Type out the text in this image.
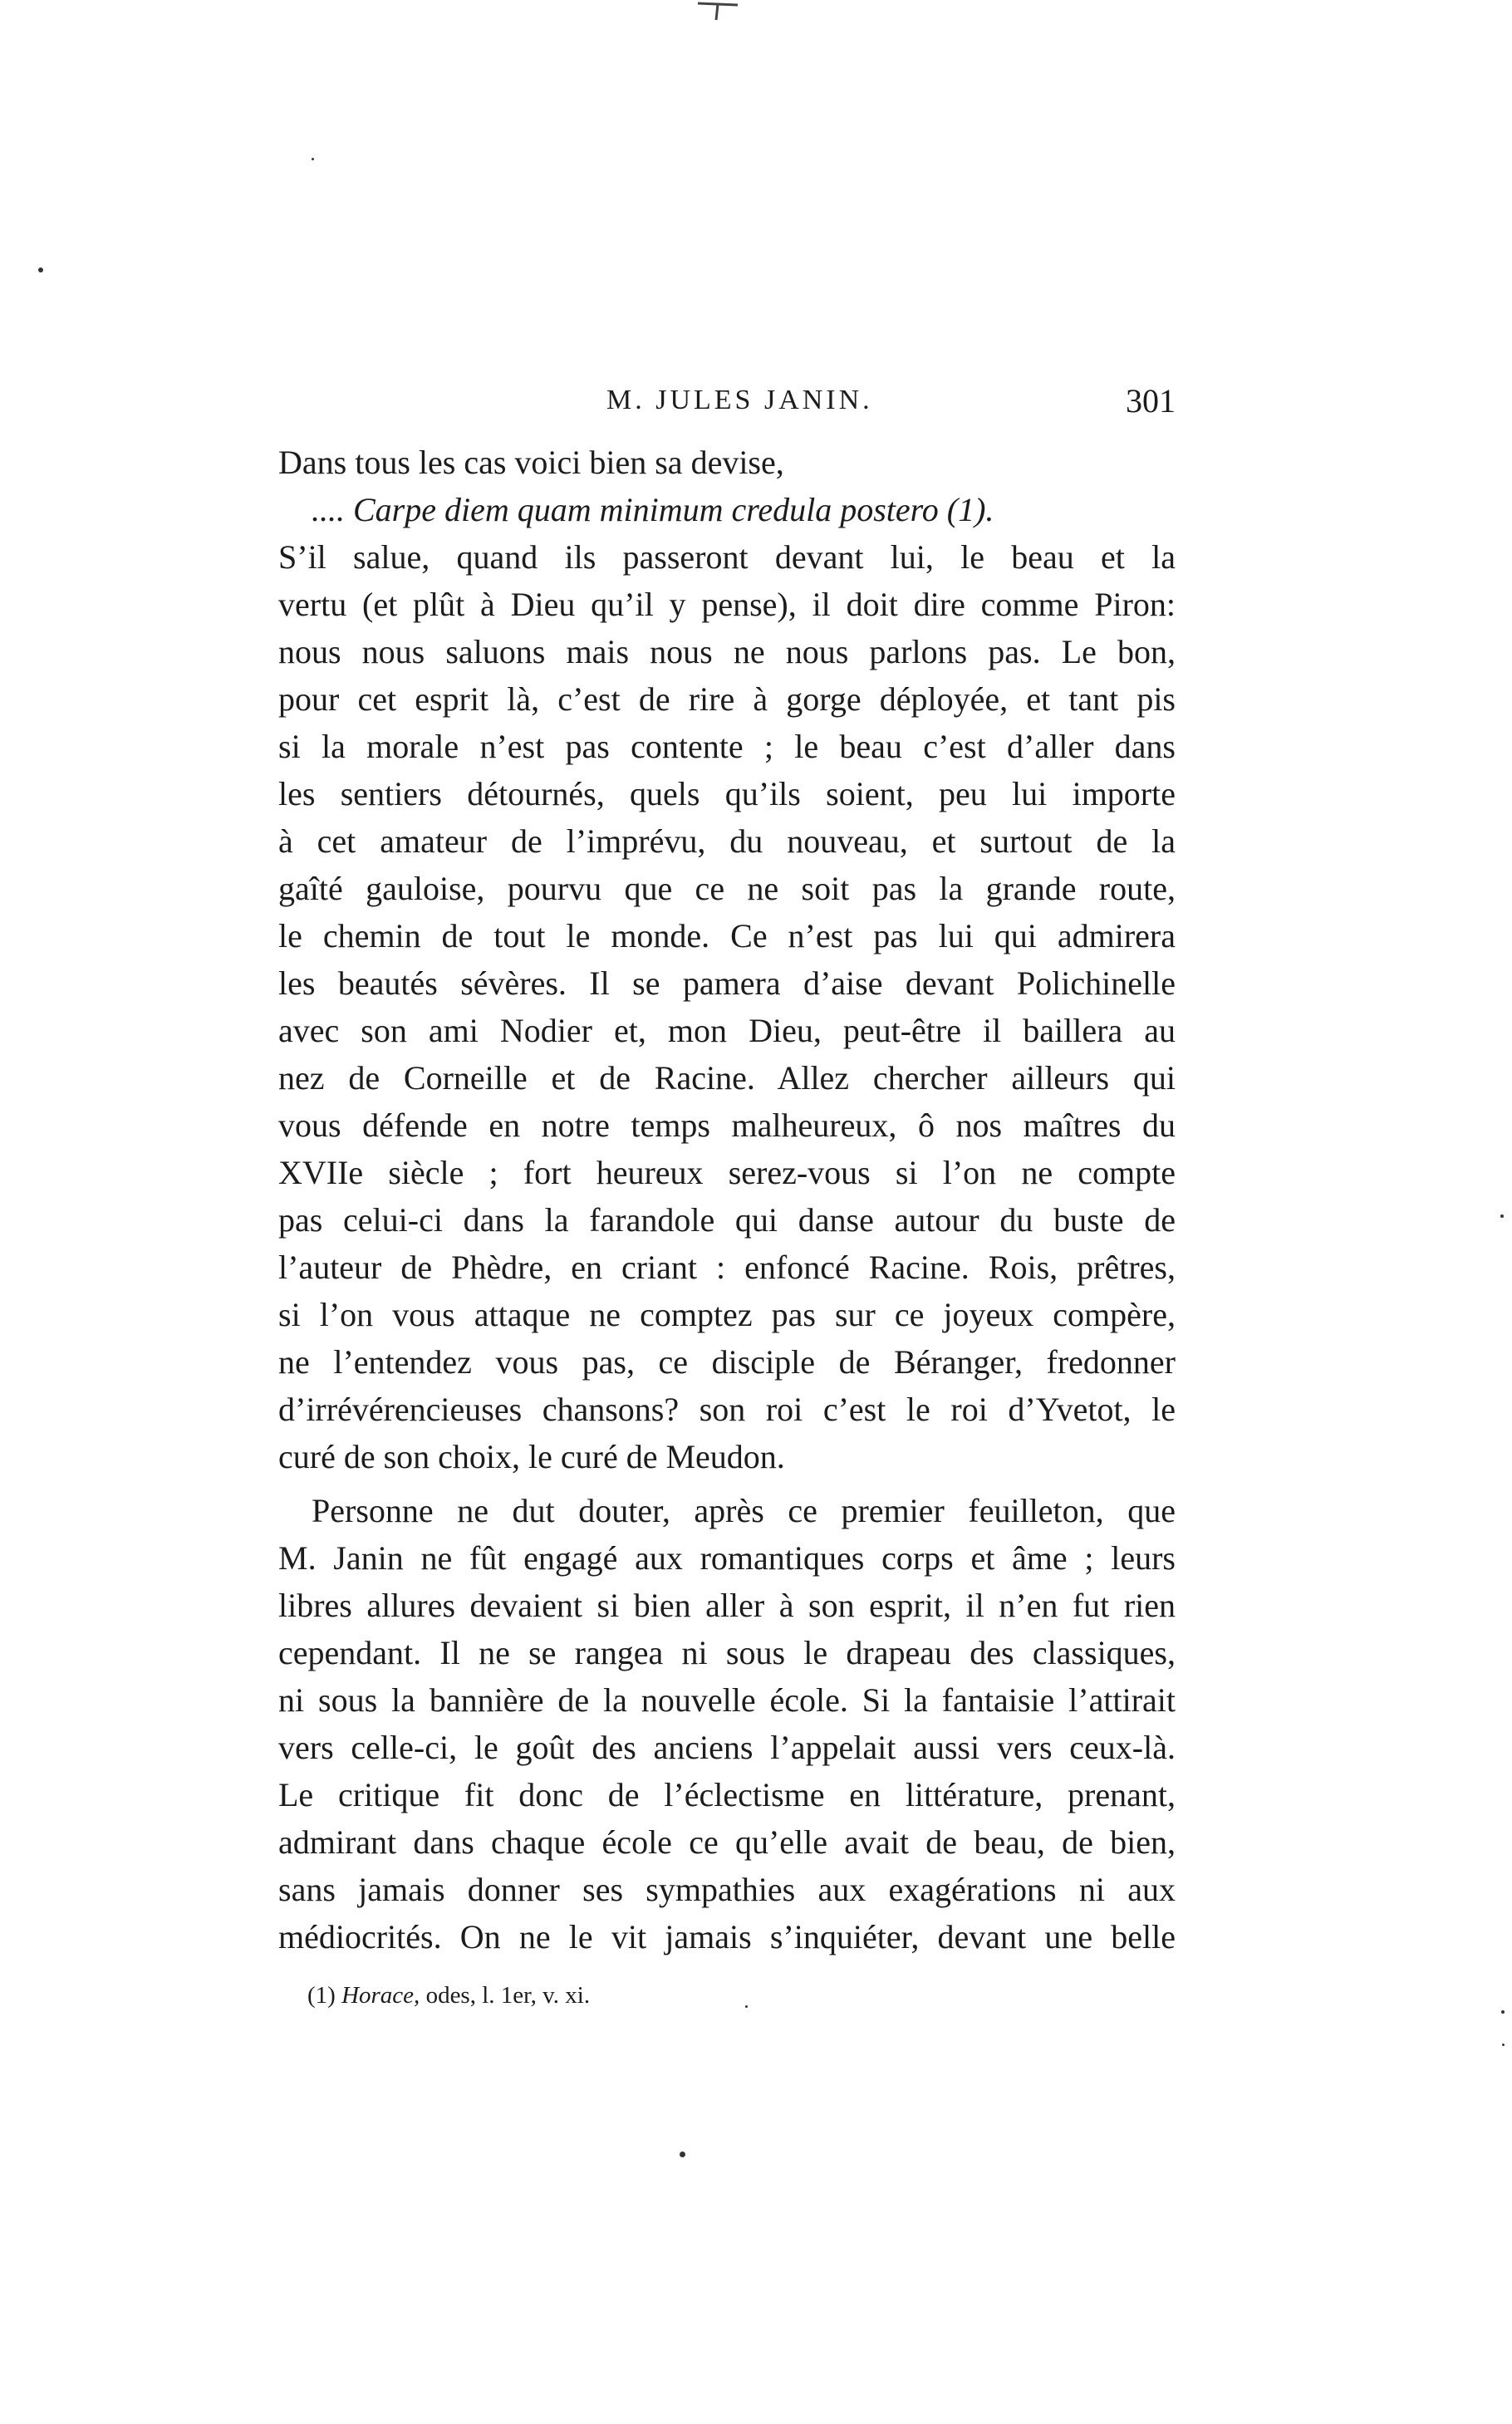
M. JULES JANIN.	301
Dans tous les cas voici bien sa devise,
.... Carpe diem quam minimum credula postero (1).
S’il salue, quand ils passeront devant lui, le beau et la
vertu (et plût à Dieu qu’il y pense), il doit dire comme Piron:
nous nous saluons mais nous ne nous parlons pas. Le bon,
pour cet esprit là, c’est de rire à gorge déployée, et tant pis
si la morale n’est pas contente ; le beau c’est d’aller dans
les sentiers détournés, quels qu’ils soient, peu lui importe
à cet amateur de l’imprévu, du nouveau, et surtout de la
gaîté gauloise, pourvu que ce ne soit pas la grande route,
le chemin de tout le monde. Ce n’est pas lui qui admirera
les beautés sévères. Il se pamera d’aise devant Polichinelle
avec son ami Nodier et, mon Dieu, peut-être il baillera au
nez de Corneille et de Racine. Allez chercher ailleurs qui
vous défende en notre temps malheureux, ô nos maîtres du
XVIIe siècle ; fort heureux serez-vous si l’on ne compte
pas celui-ci dans la farandole qui danse autour du buste de
l’auteur de Phèdre, en criant : enfoncé Racine. Rois, prêtres,
si l’on vous attaque ne comptez pas sur ce joyeux compère,
ne l’entendez vous pas, ce disciple de Béranger, fredonner
d’irrévérencieuses chansons? son roi c’est le roi d’Yvetot, le
curé de son choix, le curé de Meudon.
Personne ne dut douter, après ce premier feuilleton, que
M. Janin ne fût engagé aux romantiques corps et âme ; leurs
libres allures devaient si bien aller à son esprit, il n’en fut rien
cependant. Il ne se rangea ni sous le drapeau des classiques,
ni sous la bannière de la nouvelle école. Si la fantaisie l’attirait
vers celle-ci, le goût des anciens l’appelait aussi vers ceux-là.
Le critique fit donc de l’éclectisme en littérature, prenant,
admirant dans chaque école ce qu’elle avait de beau, de bien,
sans jamais donner ses sympathies aux exagérations ni aux
médiocrités. On ne le vit jamais s’inquiéter, devant une belle
(1) Horace, odes, l. 1er, v. xi.
